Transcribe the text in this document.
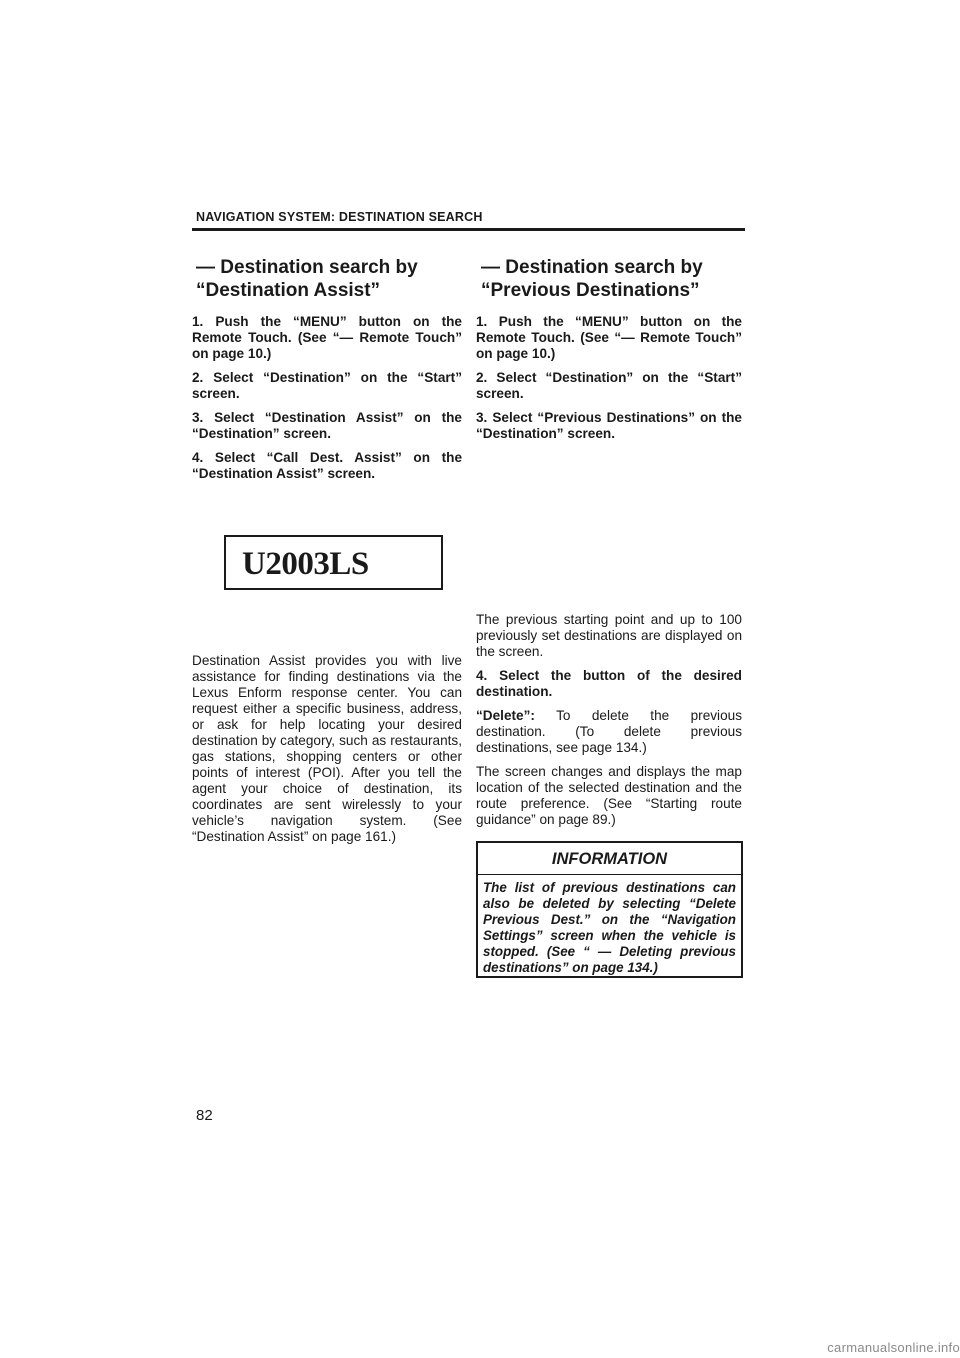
NAVIGATION SYSTEM: DESTINATION SEARCH
— Destination search by
“Destination Assist”
— Destination search by
“Previous Destinations”

1. Push the “MENU” button on the Remote Touch. (See “— Remote Touch” on page 10.)

2. Select “Destination” on the “Start” screen.

3. Select “Destination Assist” on the “Destination” screen.

4. Select “Call Dest. Assist” on the “Destination Assist” screen.

1. Push the “MENU” button on the Remote Touch. (See “— Remote Touch” on page 10.)

2. Select “Destination” on the “Start” screen.

3. Select “Previous Destinations” on the “Destination” screen.

U2003LS

Destination Assist provides you with live assistance for finding destinations via the Lexus Enform response center. You can request either a specific business, address, or ask for help locating your desired destination by category, such as restaurants, gas stations, shopping centers or other points of interest (POI). After you tell the agent your choice of destination, its coordinates are sent wirelessly to your vehicle’s navigation system. (See “Destination Assist” on page 161.)

The previous starting point and up to 100 previously set destinations are displayed on the screen.

4. Select the button of the desired destination.

“Delete”: To delete the previous destination. (To delete previous destinations, see page 134.)

The screen changes and displays the map location of the selected destination and the route preference. (See “Starting route guidance” on page 89.)

INFORMATION
The list of previous destinations can also be deleted by selecting “Delete Previous Dest.” on the “Navigation Settings” screen when the vehicle is stopped. (See “ — Deleting previous destinations” on page 134.)
82
carmanualsonline.info
